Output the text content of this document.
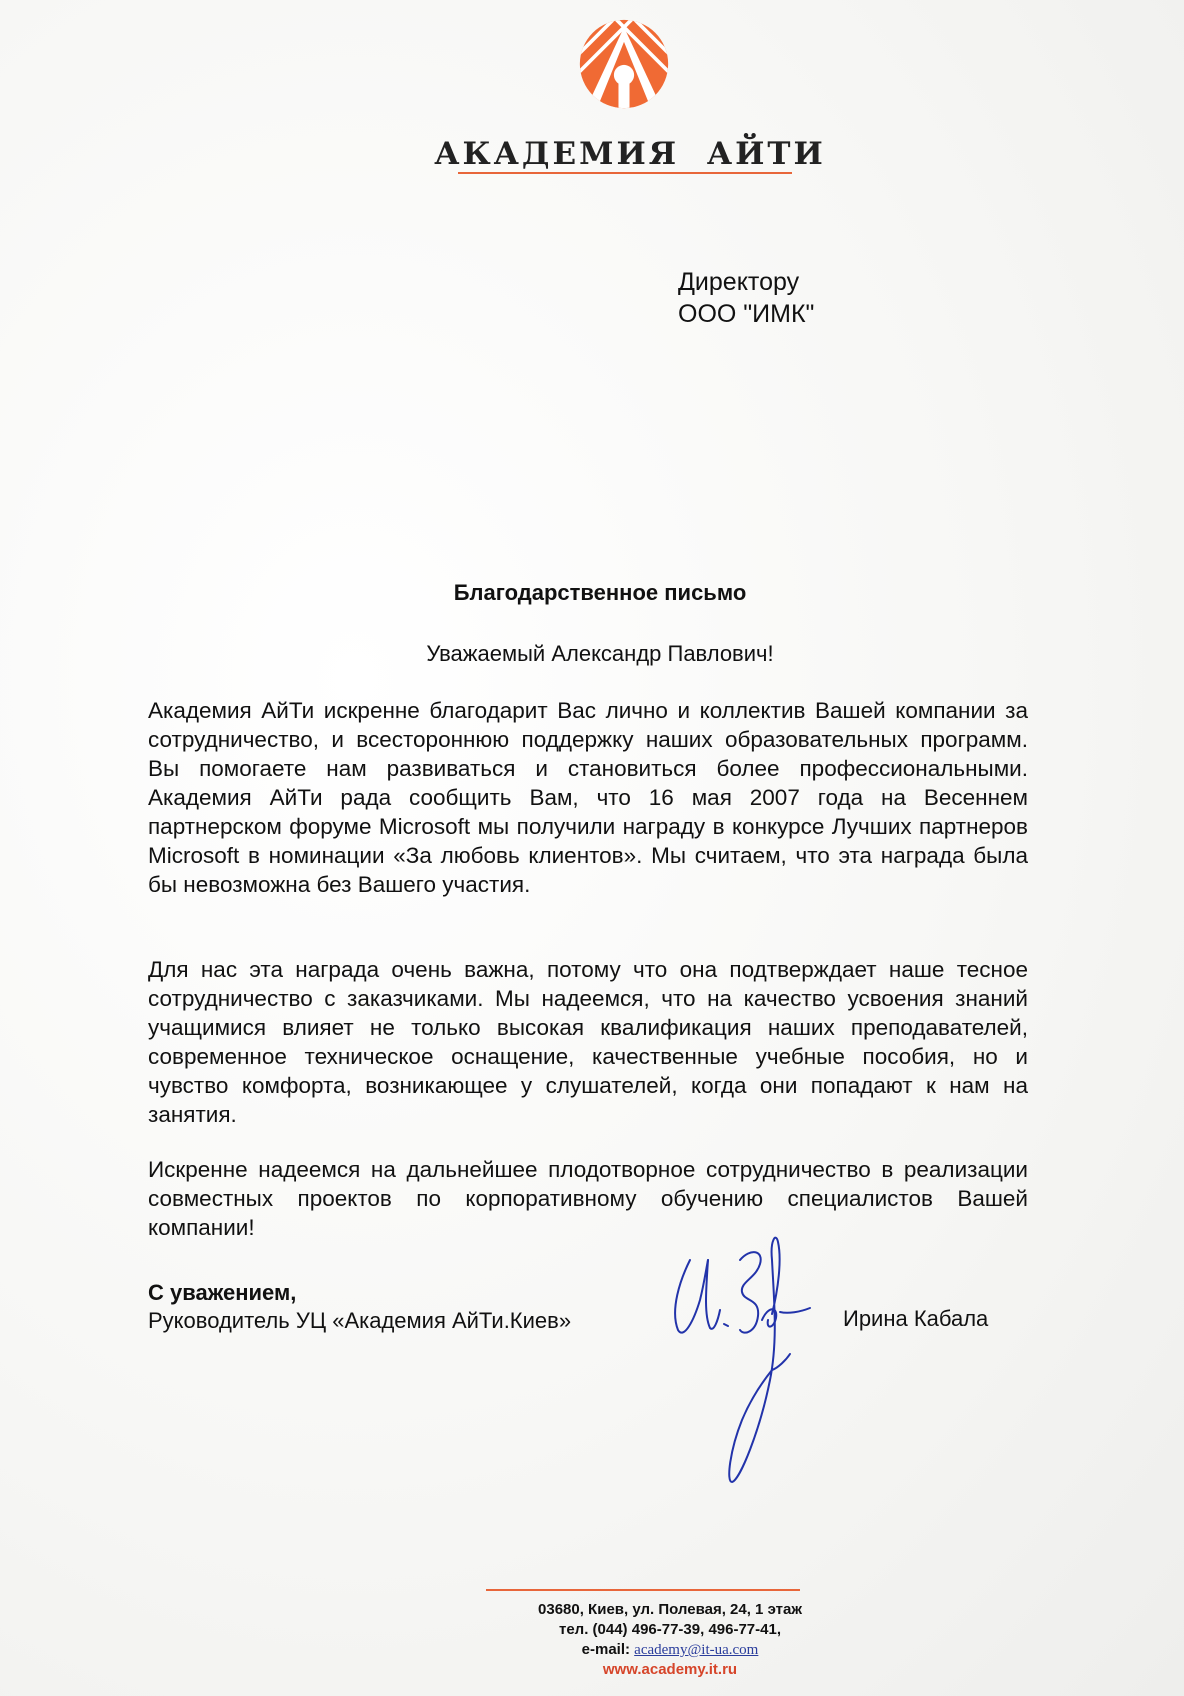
АКАДЕМИЯ АЙТИ
Директору
ООО "ИМК"
Благодарственное письмо
Уважаемый Александр Павлович!
Академия АйТи искренне благодарит Вас лично и коллектив Вашей компании за сотрудничество, и всестороннюю поддержку наших образовательных программ. Вы помогаете нам развиваться и становиться более профессиональными. Академия АйТи рада сообщить Вам, что 16 мая 2007 года на Весеннем партнерском форуме Microsoft мы получили награду в конкурсе Лучших партнеров Microsoft в номинации «За любовь клиентов». Мы считаем, что эта награда была бы невозможна без Вашего участия.
Для нас эта награда очень важна, потому что она подтверждает наше тесное сотрудничество с заказчиками. Мы надеемся, что на качество усвоения знаний учащимися влияет не только высокая квалификация наших преподавателей, современное техническое оснащение, качественные учебные пособия, но и чувство комфорта, возникающее у слушателей, когда они попадают к нам на занятия.
Искренне надеемся на дальнейшее плодотворное сотрудничество в реализации совместных проектов по корпоративному обучению специалистов Вашей компании!
С уважением,
Руководитель УЦ «Академия АйТи.Киев»	Ирина Кабала
03680, Киев, ул. Полевая, 24, 1 этаж
тел. (044) 496-77-39, 496-77-41,
e-mail: academy@it-ua.com
www.academy.it.ru
